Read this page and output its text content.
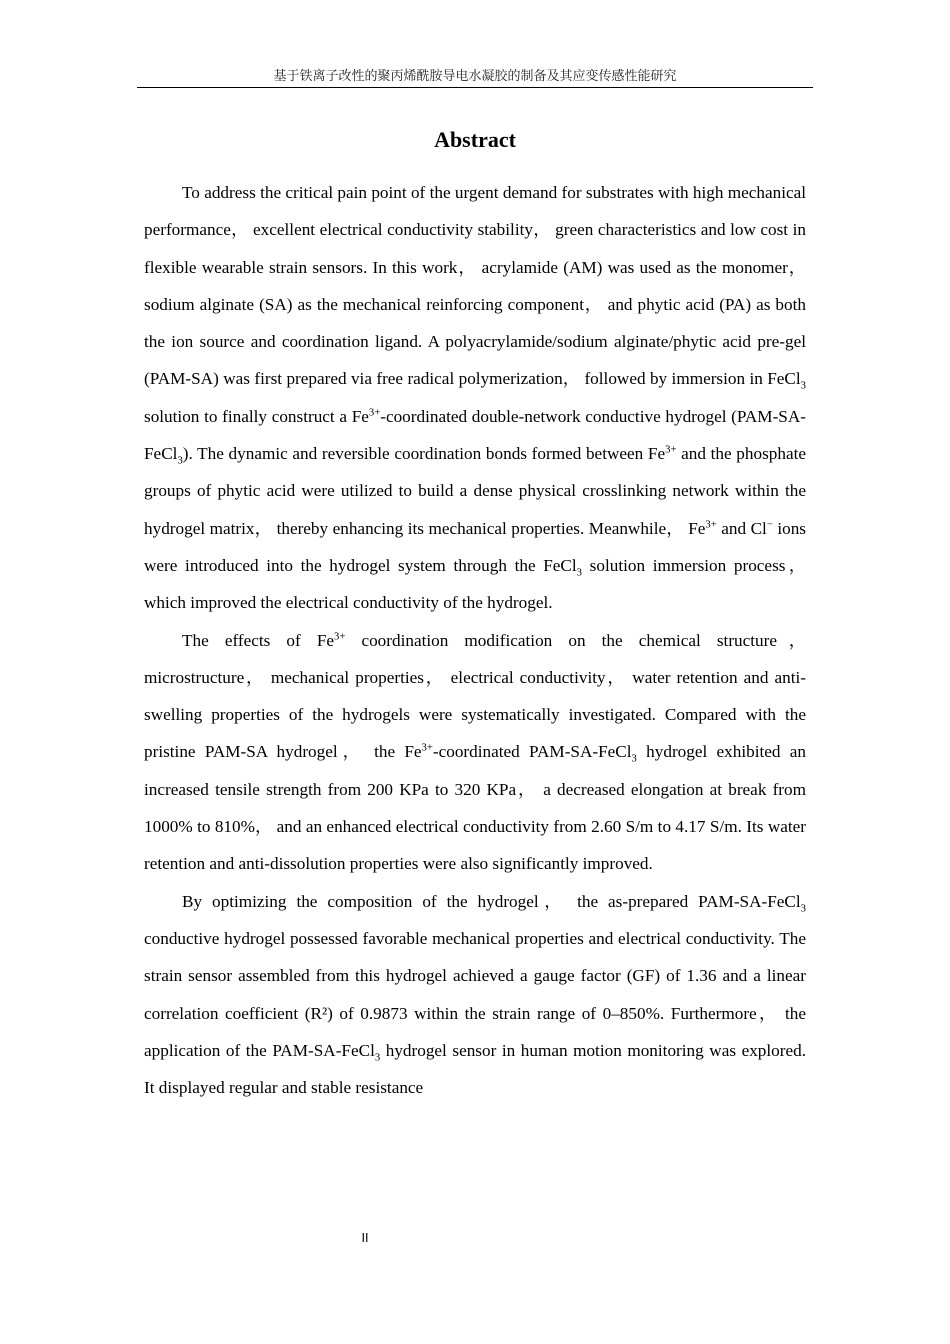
基于铁离子改性的聚丙烯酰胺导电水凝胶的制备及其应变传感性能研究
Abstract

To address the critical pain point of the urgent demand for substrates with high mechanical performance， excellent electrical conductivity stability， green characteristics and low cost in flexible wearable strain sensors. In this work， acrylamide (AM) was used as the monomer， sodium alginate (SA) as the mechanical reinforcing component， and phytic acid (PA) as both the ion source and coordination ligand. A polyacrylamide/sodium alginate/phytic acid pre-gel (PAM-SA) was first prepared via free radical polymerization， followed by immersion in FeCl$_3$ solution to finally construct a $Fe^{3+}$-coordinated double-network conductive hydrogel (PAM-SA-FeCl$_3$). The dynamic and reversible coordination bonds formed between $Fe^{3+}$ and the phosphate groups of phytic acid were utilized to build a dense physical crosslinking network within the hydrogel matrix， thereby enhancing its mechanical properties. Meanwhile， $Fe^{3+}$ and Cl− ions were introduced into the hydrogel system through the FeCl$_3$ solution immersion process， which improved the electrical conductivity of the hydrogel.

The effects of $Fe^{3+}$ coordination modification on the chemical structure， microstructure， mechanical properties， electrical conductivity， water retention and anti-swelling properties of the hydrogels were systematically investigated. Compared with the pristine PAM-SA hydrogel， the $Fe^{3+}$-coordinated PAM-SA-FeCl$_3$ hydrogel exhibited an increased tensile strength from 200 KPa to 320 KPa， a decreased elongation at break from 1000% to 810%， and an enhanced electrical conductivity from 2.60 S/m to 4.17 S/m. Its water retention and anti-dissolution properties were also significantly improved.

By optimizing the composition of the hydrogel， the as-prepared PAM-SA-FeCl$_3$ conductive hydrogel possessed favorable mechanical properties and electrical conductivity. The strain sensor assembled from this hydrogel achieved a gauge factor (GF) of 1.36 and a linear correlation coefficient (R²) of 0.9873 within the strain range of 0–850%. Furthermore， the application of the PAM-SA-FeCl$_3$ hydrogel sensor in human motion monitoring was explored. It displayed regular and stable resistance

II
